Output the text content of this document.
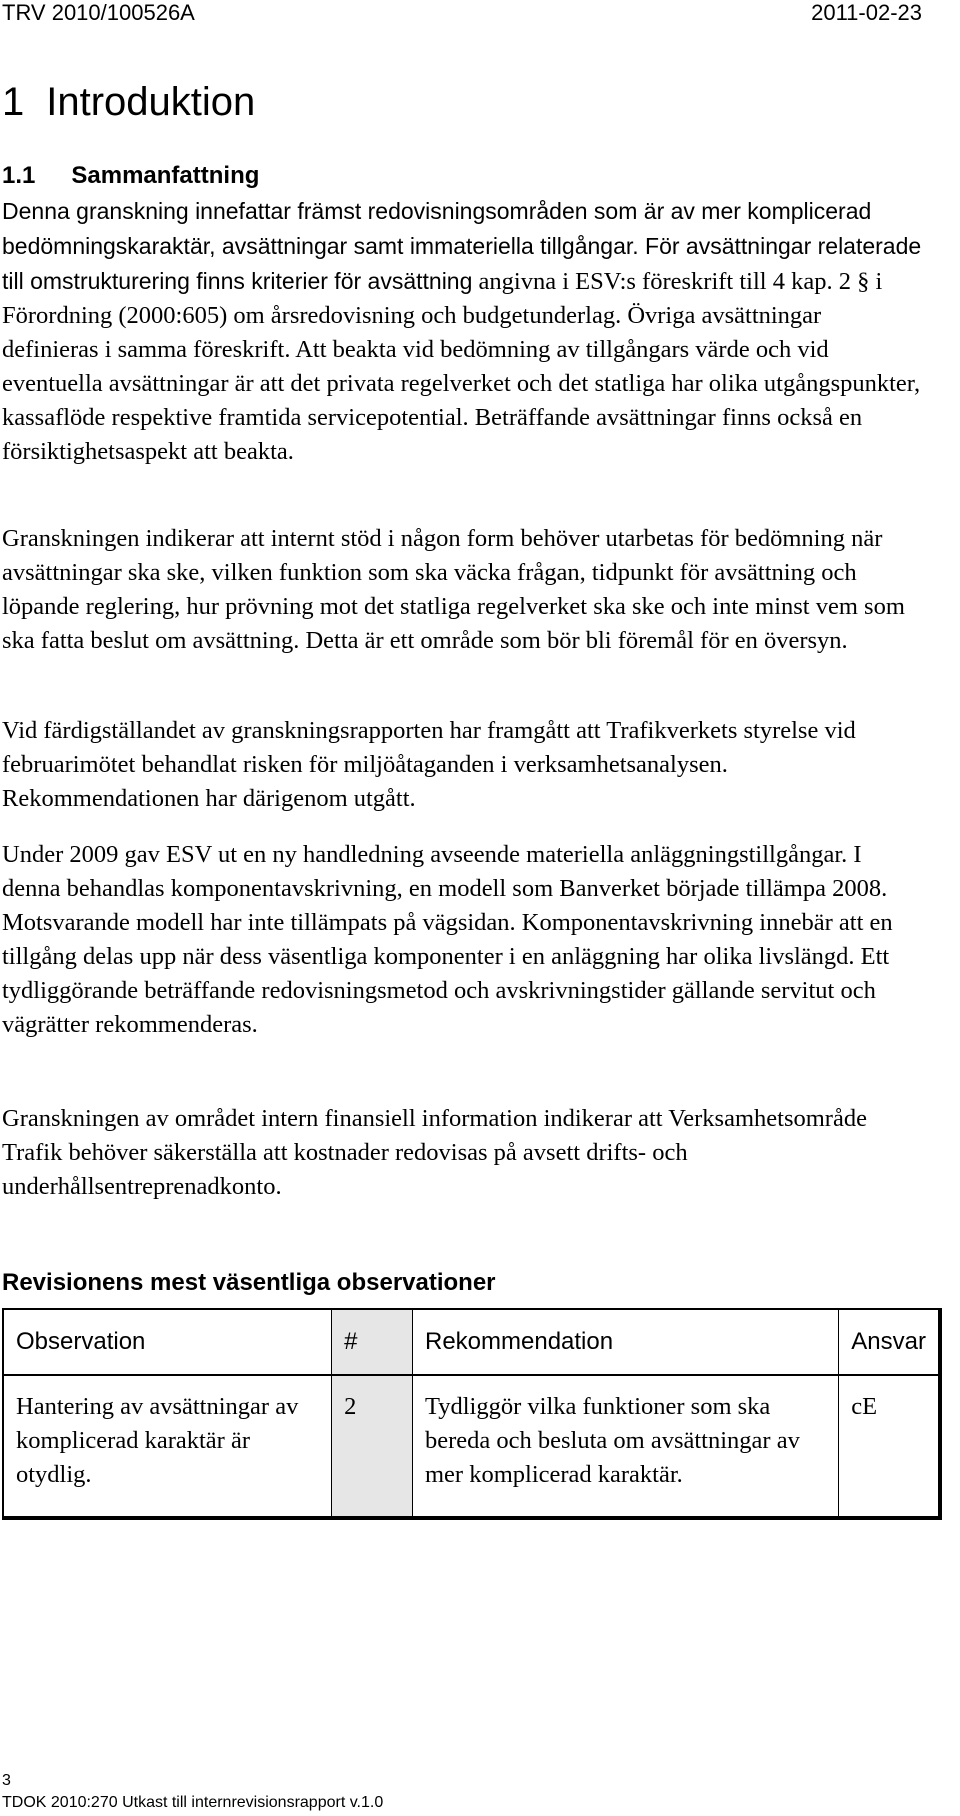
TRV 2010/100526A	2011-02-23
1 Introduktion
1.1 Sammanfattning

Denna granskning innefattar främst redovisningsområden som är av mer komplicerad bedömningskaraktär, avsättningar samt immateriella tillgångar. För avsättningar relaterade till omstrukturering finns kriterier för avsättning angivna i ESV:s föreskrift till 4 kap. 2 § i Förordning (2000:605) om årsredovisning och budgetunderlag. Övriga avsättningar definieras i samma föreskrift. Att beakta vid bedömning av tillgångars värde och vid eventuella avsättningar är att det privata regelverket och det statliga har olika utgångspunkter, kassaflöde respektive framtida servicepotential. Beträffande avsättningar finns också en försiktighetsaspekt att beakta.

Granskningen indikerar att internt stöd i någon form behöver utarbetas för bedömning när avsättningar ska ske, vilken funktion som ska väcka frågan, tidpunkt för avsättning och löpande reglering, hur prövning mot det statliga regelverket ska ske och inte minst vem som ska fatta beslut om avsättning. Detta är ett område som bör bli föremål för en översyn.

Vid färdigställandet av granskningsrapporten har framgått att Trafikverkets styrelse vid februarimötet behandlat risken för miljöåtaganden i verksamhetsanalysen. Rekommendationen har därigenom utgått.

Under 2009 gav ESV ut en ny handledning avseende materiella anläggningstillgångar. I denna behandlas komponentavskrivning, en modell som Banverket började tillämpa 2008. Motsvarande modell har inte tillämpats på vägsidan. Komponentavskrivning innebär att en tillgång delas upp när dess väsentliga komponenter i en anläggning har olika livslängd. Ett tydliggörande beträffande redovisningsmetod och avskrivningstider gällande servitut och vägrätter rekommenderas.

Granskningen av området intern finansiell information indikerar att Verksamhetsområde Trafik behöver säkerställa att kostnader redovisas på avsett drifts- och underhållsentreprenadkonto.

Revisionens mest väsentliga observationer
Observation	#	Rekommendation	Ansvar
Hantering av avsättningar av komplicerad karaktär är otydlig.	2	Tydliggör vilka funktioner som ska bereda och besluta om avsättningar av mer komplicerad karaktär.	cE
3
TDOK 2010:270 Utkast till internrevisionsrapport v.1.0
